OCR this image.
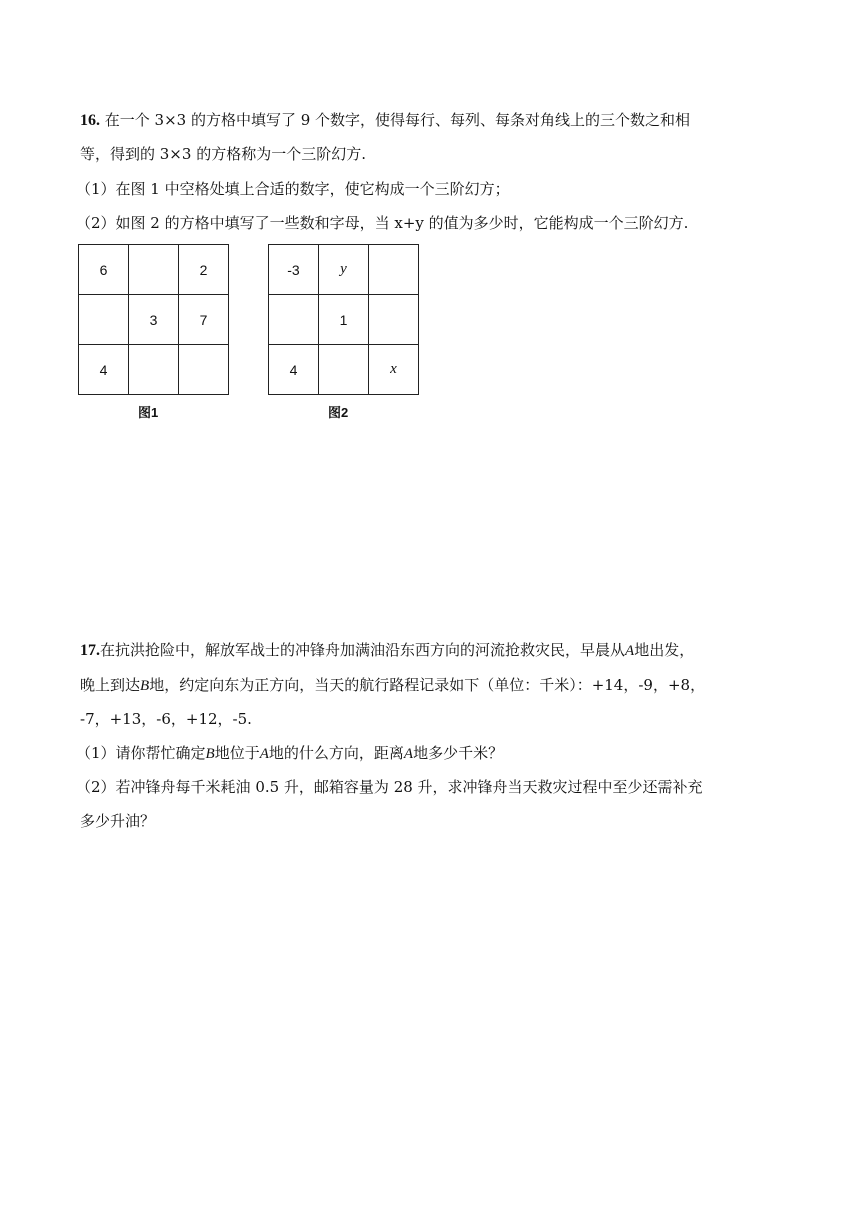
16. 在一个 3×3 的方格中填写了 9 个数字，使得每行、每列、每条对角线上的三个数之和相
等，得到的 3×3 的方格称为一个三阶幻方.
（1）在图 1 中空格处填上合适的数字，使它构成一个三阶幻方；
（2）如图 2 的方格中填写了一些数和字母，当 x+y 的值为多少时，它能构成一个三阶幻方.
6		2
	3	7
4		
图1
-3	y	
	1	
4		x
图2
17.在抗洪抢险中，解放军战士的冲锋舟加满油沿东西方向的河流抢救灾民，早晨从A地出发，
晚上到达B地，约定向东为正方向，当天的航行路程记录如下（单位：千米）：+14，-9，+8，
-7，+13，-6，+12，-5.
（1）请你帮忙确定B地位于A地的什么方向，距离A地多少千米？
（2）若冲锋舟每千米耗油 0.5 升，邮箱容量为 28 升，求冲锋舟当天救灾过程中至少还需补充
多少升油？
